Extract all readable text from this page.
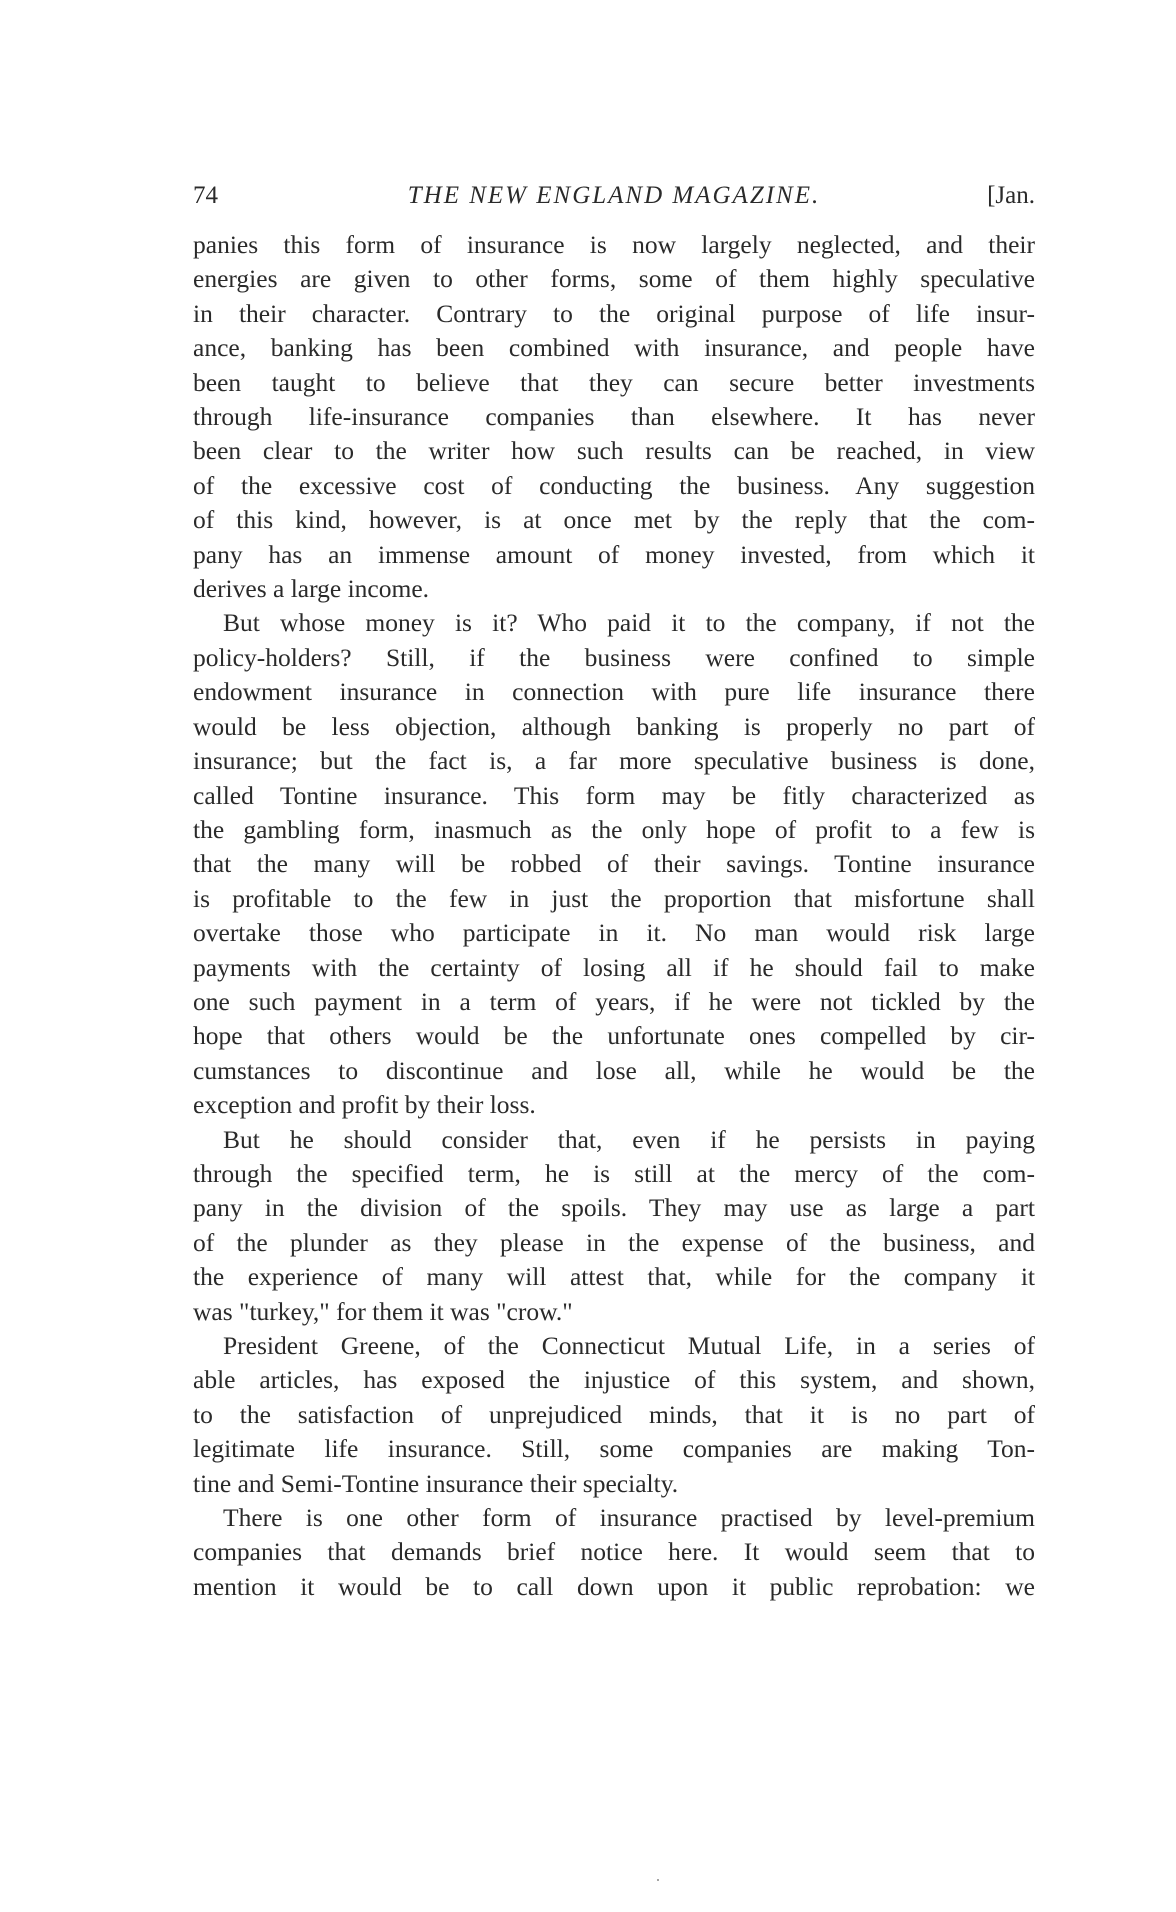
74	THE NEW ENGLAND MAGAZINE.	[Jan.
panies this form of insurance is now largely neglected, and their
energies are given to other forms, some of them highly speculative
in their character. Contrary to the original purpose of life insur-
ance, banking has been combined with insurance, and people have
been taught to believe that they can secure better investments
through life-insurance companies than elsewhere. It has never
been clear to the writer how such results can be reached, in view
of the excessive cost of conducting the business. Any suggestion
of this kind, however, is at once met by the reply that the com-
pany has an immense amount of money invested, from which it
derives a large income.
But whose money is it? Who paid it to the company, if not the
policy-holders? Still, if the business were confined to simple
endowment insurance in connection with pure life insurance there
would be less objection, although banking is properly no part of
insurance; but the fact is, a far more speculative business is done,
called Tontine insurance. This form may be fitly characterized as
the gambling form, inasmuch as the only hope of profit to a few is
that the many will be robbed of their savings. Tontine insurance
is profitable to the few in just the proportion that misfortune shall
overtake those who participate in it. No man would risk large
payments with the certainty of losing all if he should fail to make
one such payment in a term of years, if he were not tickled by the
hope that others would be the unfortunate ones compelled by cir-
cumstances to discontinue and lose all, while he would be the
exception and profit by their loss.
But he should consider that, even if he persists in paying
through the specified term, he is still at the mercy of the com-
pany in the division of the spoils. They may use as large a part
of the plunder as they please in the expense of the business, and
the experience of many will attest that, while for the company it
was "turkey," for them it was "crow."
President Greene, of the Connecticut Mutual Life, in a series of
able articles, has exposed the injustice of this system, and shown,
to the satisfaction of unprejudiced minds, that it is no part of
legitimate life insurance. Still, some companies are making Ton-
tine and Semi-Tontine insurance their specialty.
There is one other form of insurance practised by level-premium
companies that demands brief notice here. It would seem that to
mention it would be to call down upon it public reprobation: we
